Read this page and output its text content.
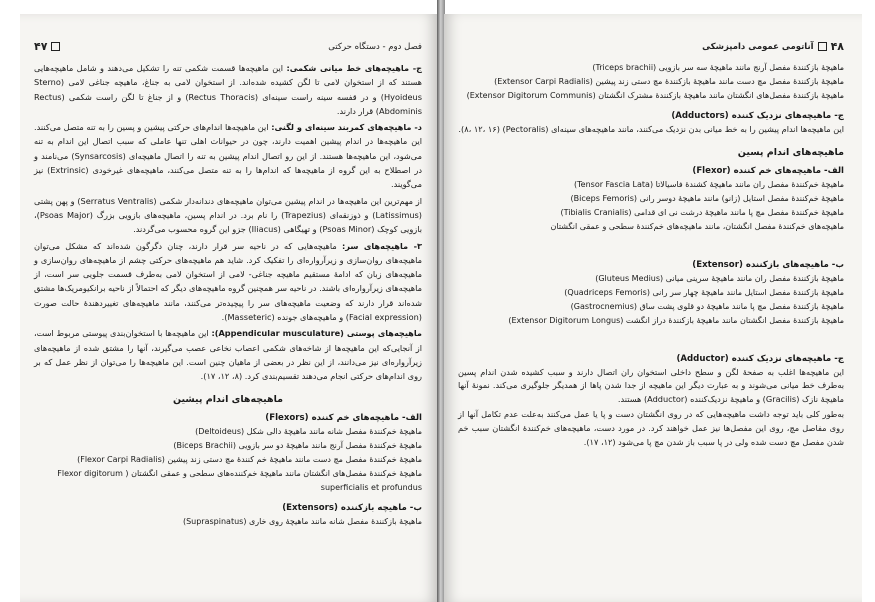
فصل دوم - دستگاه حرکتی
۴۷

ج- ماهیچه‌های خط میانی شکمی: این ماهیچه‌ها قسمت شکمی تنه را تشکیل می‌دهند و شامل ماهیچه‌هایی هستند که از استخوان لامی تا لگن کشیده شده‌اند. از استخوان لامی به جناغ، ماهیچه جناغی لامی (Sterno Hyoideus) و در قفسه سینه راست سینه‌ای (Rectus Thoracis) و از جناغ تا لگن راست شکمی (Rectus Abdominis) قرار دارند.

د- ماهیچه‌های کمربند سینه‌ای و لگنی: این ماهیچه‌ها اندام‌های حرکتی پیشین و پسین را به تنه متصل می‌کنند. این ماهیچه‌ها در اندام پیشین اهمیت دارند، چون در حیوانات اهلی تنها عاملی که سبب اتصال این اندام به تنه می‌شود، این ماهیچه‌ها هستند. از این رو اتصال اندام پیشین به تنه را اتصال ماهیچه‌ای (Synsarcosis) می‌نامند و در اصطلاح به این گروه از ماهیچه‌ها که اندام‌ها را به تنه متصل می‌کنند، ماهیچه‌های غیرخودی (Extrinsic) نیز می‌گویند.

از مهم‌ترین این ماهیچه‌ها در اندام پیشین می‌توان ماهیچه‌های دندانه‌دار شکمی (Serratus Ventralis) و پهن پشتی (Latissimus) و ذوزنقه‌ای (Trapezius) را نام برد. در اندام پسین، ماهیچه‌های بازویی بزرگ (Psoas Major)، بازویی کوچک (Psoas Minor) و تهیگاهی (Iliacus) جزو این گروه محسوب می‌گردند.

۳- ماهیچه‌های سر: ماهیچه‌هایی که در ناحیه سر قرار دارند، چنان دگرگون شده‌اند که مشکل می‌توان ماهیچه‌های روان‌سازی و زیرآرواره‌ای را تفکیک کرد. شاید هم ماهیچه‌های حرکتی چشم از ماهیچه‌های روان‌سازی و ماهیچه‌های زبان که ادامهٔ مستقیم ماهیچه جناغی- لامی از استخوان لامی به‌طرف قسمت جلویی سر است، از ماهیچه‌های زیرآرواره‌ای باشند. در ناحیه سر همچنین گروه ماهیچه‌های دیگر که احتمالاً از ناحیه برانکیومریک‌ها مشتق شده‌اند قرار دارند که وضعیت ماهیچه‌های سر را پیچیده‌تر می‌کنند، مانند ماهیچه‌های تغییردهندهٔ حالت صورت (Facial expression) و ماهیچه‌های جونده (Masseteric).

ماهیچه‌های پوستی (Appendicular musculature): این ماهیچه‌ها با استخوان‌بندی پیوستی مربوط است، از آنجایی‌که این ماهیچه‌ها از شاخه‌های شکمی اعصاب نخاعی عصب می‌گیرند، آنها را مشتق شده از ماهیچه‌های زیرآرواره‌ای نیز می‌دانند، از این نظر در بعضی از ماهیان چنین است. این ماهیچه‌ها را می‌توان از نظر عمل که بر روی اندام‌های حرکتی انجام می‌دهند تقسیم‌بندی کرد. (۸، ۱۲، ۱۷).

ماهیچه‌های اندام پیشین
الف- ماهیچه‌های خم کننده (Flexors)

ماهیچهٔ خم‌کنندهٔ مفصل شانه مانند ماهیچهٔ دالی شکل (Deltoideus)

ماهیچهٔ خم‌کنندهٔ مفصل آرنج مانند ماهیچهٔ دو سر بازویی (Biceps Brachii)

ماهیچهٔ خم‌کنندهٔ مفصل مچ دست مانند ماهیچهٔ خم کنندهٔ مچ دستی زند پیشین (Flexor Carpi Radialis)

ماهیچهٔ خم‌کنندهٔ مفصل‌های انگشتان مانند ماهیچهٔ خم‌کننده‌های سطحی و عمقی انگشتان ( Flexor digitorum

superficialis et profundus

ب- ماهیچه بازکننده (Extensors)

ماهیچهٔ بازکنندهٔ مفصل شانه مانند ماهیچهٔ روی خاری (Supraspinatus)

۴۸
آناتومی عمومی دامپزشکی

ماهیچهٔ بازکنندهٔ مفصل آرنج مانند ماهیچهٔ سه سر بازویی (Triceps brachii)

ماهیچهٔ بازکنندهٔ مفصل مچ دست مانند ماهیچهٔ بازکنندهٔ مچ دستی زند پیشین (Extensor Carpi Radialis)

ماهیچهٔ بازکنندهٔ مفصل‌های انگشتان مانند ماهیچهٔ بازکنندهٔ مشترک انگشتان (Extensor Digitorum Communis)

ج- ماهیچه‌های نزدیک کننده (Adductors)

این ماهیچه‌ها اندام پیشین را به خط میانی بدن نزدیک می‌کنند، مانند ماهیچه‌های سینه‌ای (Pectoralis) (۸، ۱۲، ۱۶).

ماهیچه‌های اندام پسین
الف- ماهیچه‌های خم کننده (Flexor)

ماهیچهٔ خم‌کنندهٔ مفصل ران مانند ماهیچهٔ کشندهٔ فاسیالاتا (Tensor Fascia Lata)

ماهیچهٔ خم‌کنندهٔ مفصل استایل (زانو) مانند ماهیچهٔ دوسر رانی (Biceps Femoris)

ماهیچهٔ خم‌کنندهٔ مفصل مچ پا مانند ماهیچهٔ درشت نی ای قدامی (Tibialis Cranialis)

ماهیچه‌های خم‌کنندهٔ مفصل انگشتان، مانند ماهیچه‌های خم‌کنندهٔ سطحی و عمقی انگشتان

ب- ماهیچه‌های بازکننده (Extensor)

ماهیچهٔ بازکنندهٔ مفصل ران مانند ماهیچهٔ سرینی میانی (Gluteus Medius)

ماهیچهٔ بازکنندهٔ مفصل استایل مانند ماهیچهٔ چهار سر رانی (Quadriceps Femoris)

ماهیچهٔ بازکنندهٔ مفصل مچ پا مانند ماهیچهٔ دو قلوی پشت ساق (Gastrocnemius)

ماهیچهٔ بازکنندهٔ مفصل انگشتان مانند ماهیچهٔ بازکنندهٔ دراز انگشت (Extensor Digitorum Longus)

ج- ماهیچه‌های نزدیک کننده (Adductor)

این ماهیچه‌ها اغلب به صفحهٔ لگن و سطح داخلی استخوان ران اتصال دارند و سبب کشیده شدن اندام پسین به‌طرف خط میانی می‌شوند و به عبارت دیگر این ماهیچه از جدا شدن پاها از همدیگر جلوگیری می‌کند. نمونهٔ آنها ماهیچهٔ نازک (Gracilis) و ماهیچهٔ نزدیک‌کننده (Adductor) هستند.

به‌طور کلی باید توجه داشت ماهیچه‌هایی که در روی انگشتان دست و پا یا عمل می‌کنند به‌علت عدم تکامل آنها از روی مفاصل مچ، روی این مفصل‌ها نیز عمل خواهند کرد. در مورد دست، ماهیچه‌های خم‌کنندهٔ انگشتان سبب خم شدن مفصل مچ دست شده ولی در پا سبب باز شدن مچ پا می‌شود (۱۲، ۱۷).
